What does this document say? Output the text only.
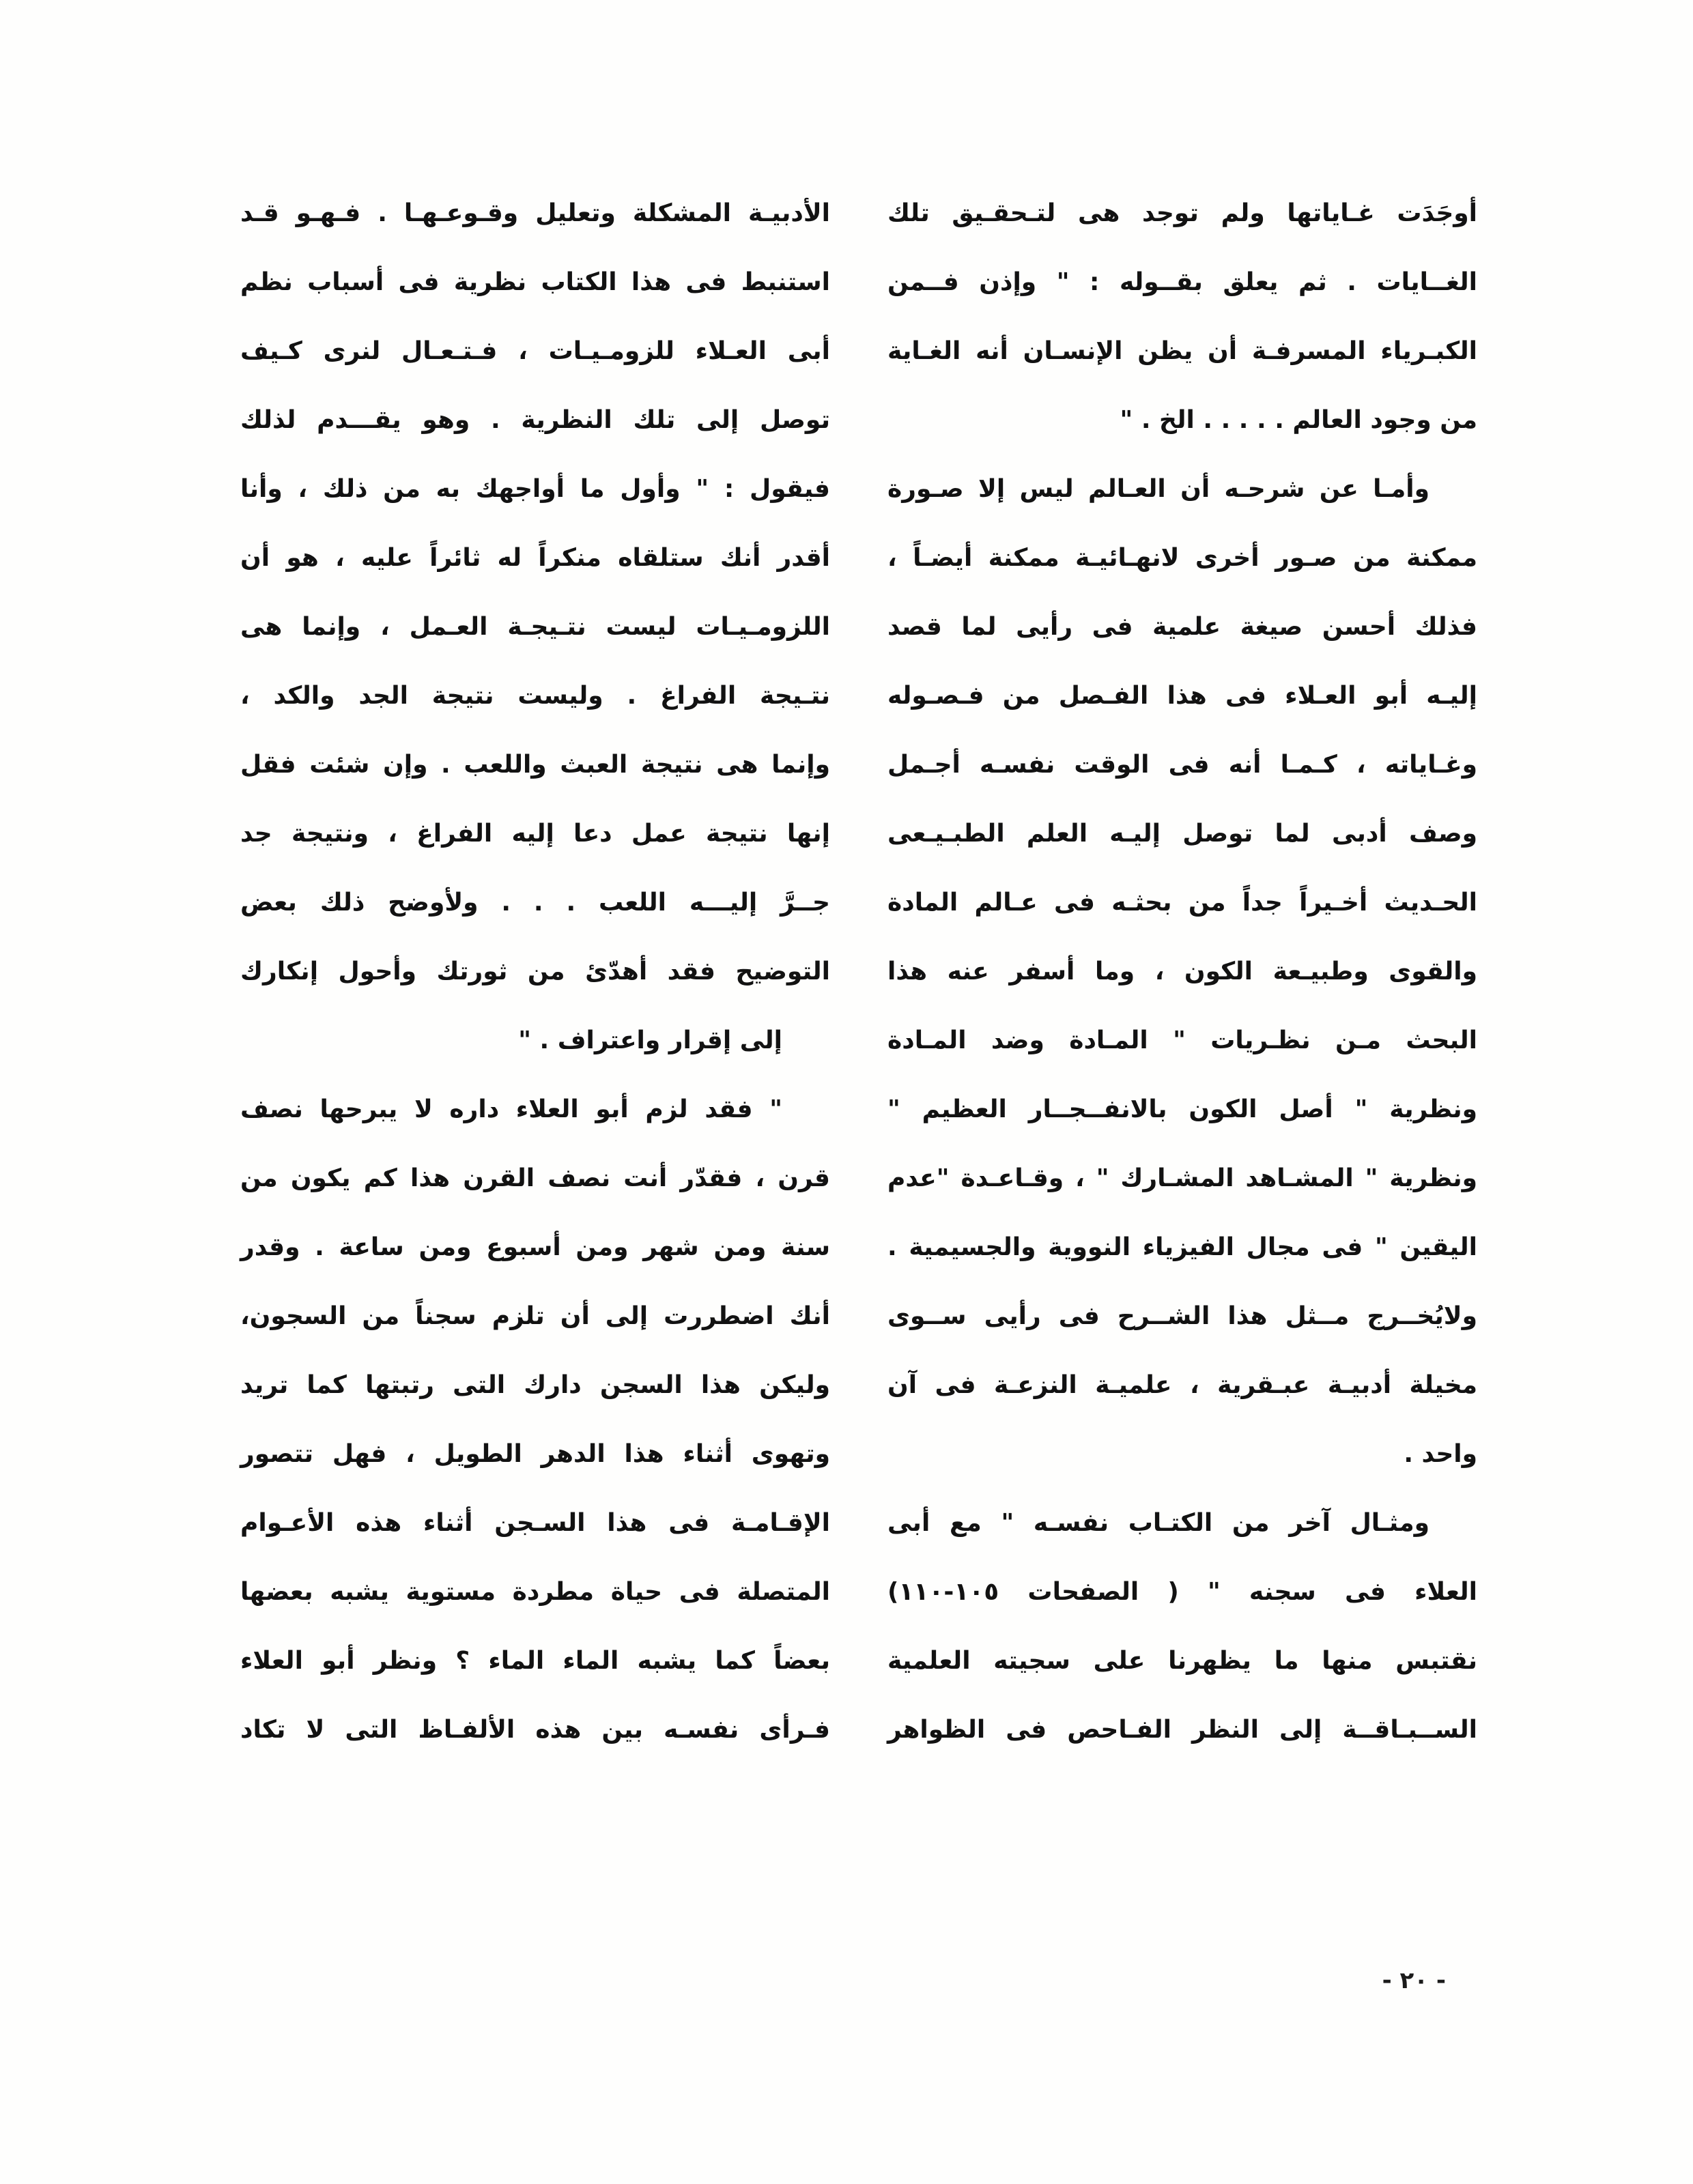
أوجَدَت غـاياتها ولم توجد هى لتـحقـيق تلك
الغــايات . ثم يعلق بقــوله : " وإذن فــمن
الكبـرياء المسرفـة أن يظن الإنسـان أنه الغـاية
من وجود العالم . . . . . الخ . "
وأمـا عن شرحـه أن العـالم ليس إلا صـورة
ممكنة من صـور أخرى لانهـائيـة ممكنة أيضـاً ،
فذلك أحسن صيغة علمية فى رأيى لما قصد
إليـه أبو العـلاء فى هذا الفـصل من فـصـوله
وغـاياته ، كـمـا أنه فى الوقت نفسـه أجـمل
وصف أدبى لما توصل إليـه العلم الطبـيـعى
الحـديث أخـيراً جداً من بحثـه فى عـالم المادة
والقوى وطبيـعة الكون ، وما أسفر عنه هذا
البحث مـن نظـريات " المـادة وضد المـادة
ونظرية " أصل الكون بالانفــجــار العظيم "
ونظرية " المشـاهد المشـارك " ، وقـاعـدة "عدم
اليقين " فى مجال الفيزياء النووية والجسيمية .
ولايُخــرج مــثل هذا الشــرح فى رأيى ســوى
مخيلة أدبيـة عبـقرية ، علميـة النزعـة فى آن
واحد .
ومثـال آخر من الكتـاب نفسـه " مع أبى
العلاء فى سجنه " ( الصفحات ١٠٥-١١٠)
نقتبس منها ما يظهرنا على سجيته العلمية
الســبـاقــة إلى النظر الفـاحص فى الظواهر
الأدبيـة المشكلة وتعليل وقـوعـهـا . فـهـو قـد
استنبط فى هذا الكتاب نظرية فى أسباب نظم
أبى العـلاء للزومـيـات ، فـتـعـال لنرى كـيف
توصل إلى تلك النظرية . وهو يقـــدم لذلك
فيقول : " وأول ما أواجهك به من ذلك ، وأنا
أقدر أنك ستلقاه منكراً له ثائراً عليه ، هو أن
اللزومـيـات ليست نتـيجـة العـمل ، وإنما هى
نتـيجة الفراغ . وليست نتيجة الجد والكد ،
وإنما هى نتيجة العبث واللعب . وإن شئت فقل
إنها نتيجة عمل دعا إليه الفراغ ، ونتيجة جد
جــرَّ إليـــه اللعب . . . ولأوضح ذلك بعض
التوضيح فقد أهدّئ من ثورتك وأحول إنكارك
إلى إقرار واعتراف . "
" فقد لزم أبو العلاء داره لا يبرحها نصف
قرن ، فقدّر أنت نصف القرن هذا كم يكون من
سنة ومن شهر ومن أسبوع ومن ساعة . وقدر
أنك اضطررت إلى أن تلزم سجناً من السجون،
وليكن هذا السجن دارك التى رتبتها كما تريد
وتهوى أثناء هذا الدهر الطويل ، فهل تتصور
الإقـامـة فى هذا السـجن أثناء هذه الأعـوام
المتصلة فى حياة مطردة مستوية يشبه بعضها
بعضاً كما يشبه الماء الماء ؟ ونظر أبو العلاء
فـرأى نفسـه بين هذه الألفـاظ التى لا تكاد
- ٢٠ -
